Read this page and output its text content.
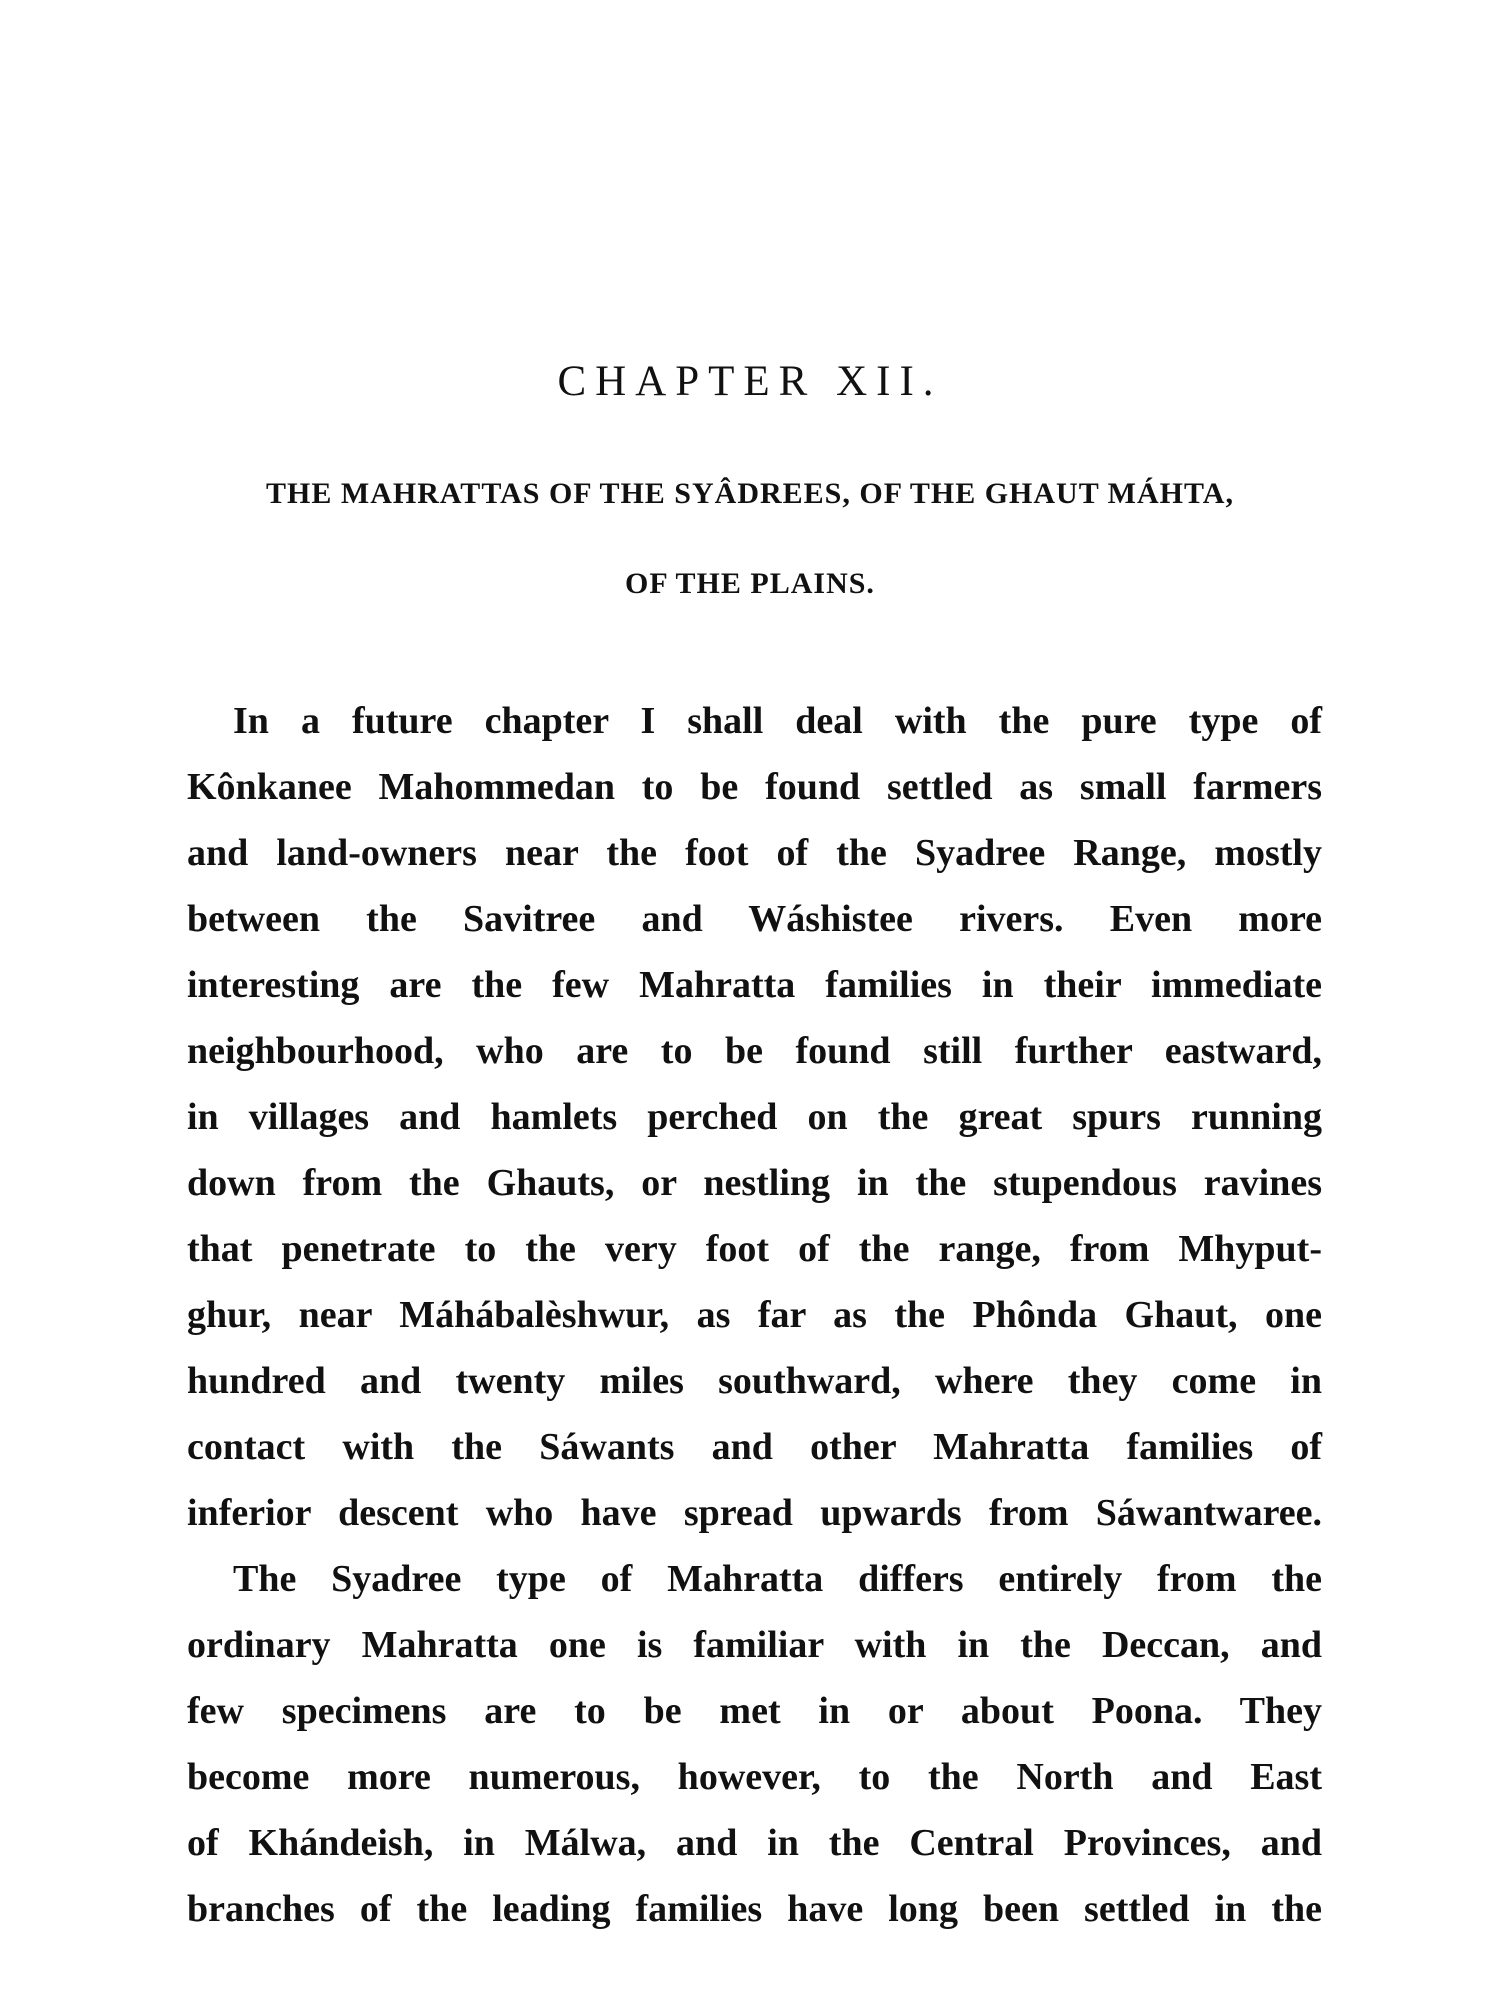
CHAPTER XII.
THE MAHRATTAS OF THE SYÂDREES, OF THE GHAUT MÁHTA,
OF THE PLAINS.
In a future chapter I shall deal with the pure type of
Kônkanee Mahommedan to be found settled as small farmers
and land-owners near the foot of the Syadree Range, mostly
between the Savitree and Wáshistee rivers. Even more
interesting are the few Mahratta families in their immediate
neighbourhood, who are to be found still further eastward,
in villages and hamlets perched on the great spurs running
down from the Ghauts, or nestling in the stupendous ravines
that penetrate to the very foot of the range, from Mhyput-
ghur, near Máhábalèshwur, as far as the Phônda Ghaut, one
hundred and twenty miles southward, where they come in
contact with the Sáwants and other Mahratta families of
inferior descent who have spread upwards from Sáwantwaree.
The Syadree type of Mahratta differs entirely from the
ordinary Mahratta one is familiar with in the Deccan, and
few specimens are to be met in or about Poona. They
become more numerous, however, to the North and East
of Khándeish, in Málwa, and in the Central Provinces, and
branches of the leading families have long been settled in the
